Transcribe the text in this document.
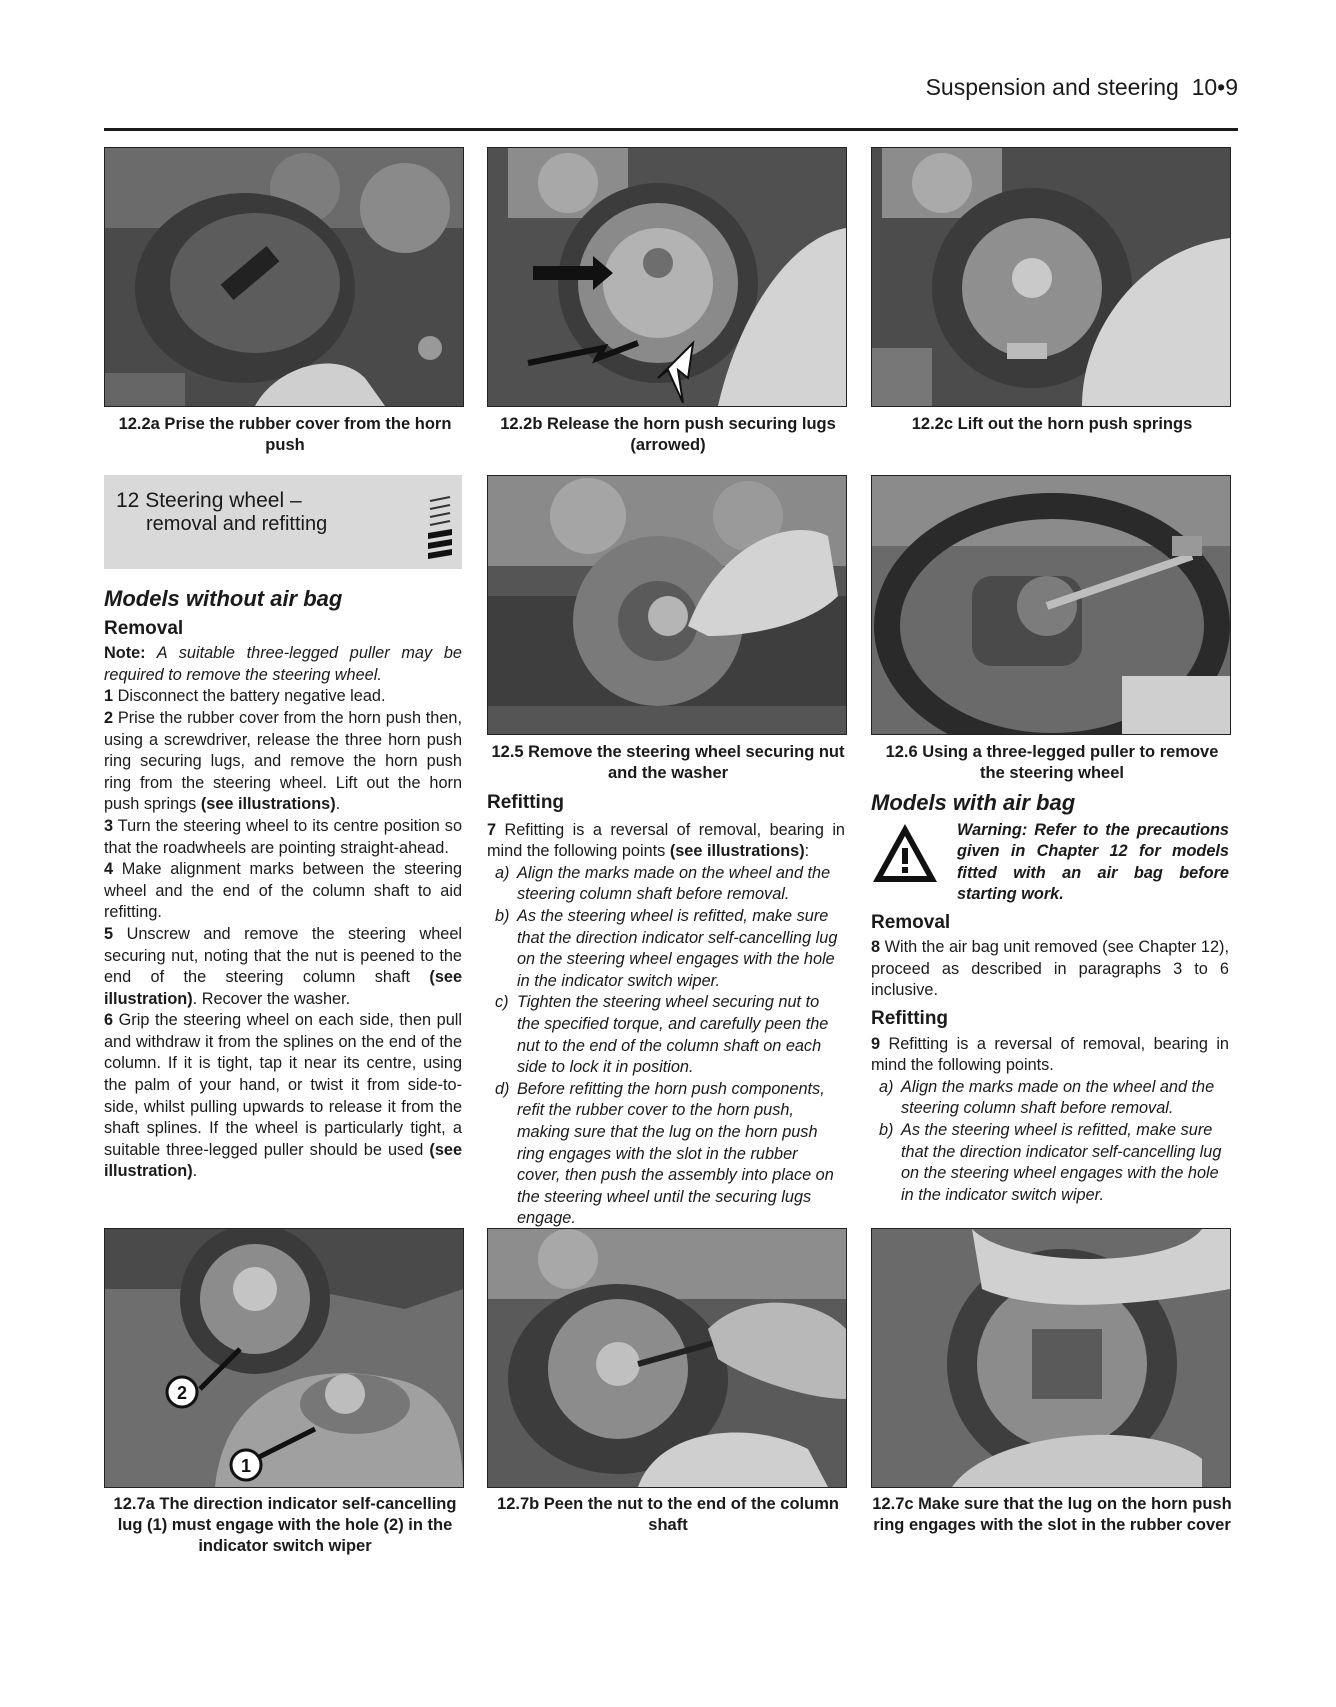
Suspension and steering 10•9
12.2a Prise the rubber cover from the horn push
12.2b Release the horn push securing lugs (arrowed)
12.2c Lift out the horn push springs
12 Steering wheel –
removal and refitting
Models without air bag
Removal

Note: A suitable three-legged puller may be required to remove the steering wheel.

1 Disconnect the battery negative lead.

2 Prise the rubber cover from the horn push then, using a screwdriver, release the three horn push ring securing lugs, and remove the horn push ring from the steering wheel. Lift out the horn push springs (see illustrations).

3 Turn the steering wheel to its centre position so that the roadwheels are pointing straight-ahead.

4 Make alignment marks between the steering wheel and the end of the column shaft to aid refitting.

5 Unscrew and remove the steering wheel securing nut, noting that the nut is peened to the end of the steering column shaft (see illustration). Recover the washer.

6 Grip the steering wheel on each side, then pull and withdraw it from the splines on the end of the column. If it is tight, tap it near its centre, using the palm of your hand, or twist it from side-to-side, whilst pulling upwards to release it from the shaft splines. If the wheel is particularly tight, a suitable three-legged puller should be used (see illustration).

12.5 Remove the steering wheel securing nut and the washer
12.6 Using a three-legged puller to remove the steering wheel
Refitting

7 Refitting is a reversal of removal, bearing in mind the following points (see illustrations):

a) Align the marks made on the wheel and the steering column shaft before removal.
b) As the steering wheel is refitted, make sure that the direction indicator self-cancelling lug on the steering wheel engages with the hole in the indicator switch wiper.
c) Tighten the steering wheel securing nut to the specified torque, and carefully peen the nut to the end of the column shaft on each side to lock it in position.
d) Before refitting the horn push components, refit the rubber cover to the horn push, making sure that the lug on the horn push ring engages with the slot in the rubber cover, then push the assembly into place on the steering wheel until the securing lugs engage.
Models with air bag

Warning: Refer to the precautions given in Chapter 12 for models fitted with an air bag before starting work.

Removal

8 With the air bag unit removed (see Chapter 12), proceed as described in paragraphs 3 to 6 inclusive.

Refitting

9 Refitting is a reversal of removal, bearing in mind the following points.

a) Align the marks made on the wheel and the steering column shaft before removal.
b) As the steering wheel is refitted, make sure that the direction indicator self-cancelling lug on the steering wheel engages with the hole in the indicator switch wiper.
2
1
12.7a The direction indicator self-cancelling lug (1) must engage with the hole (2) in the indicator switch wiper
12.7b Peen the nut to the end of the column shaft
12.7c Make sure that the lug on the horn push ring engages with the slot in the rubber cover
